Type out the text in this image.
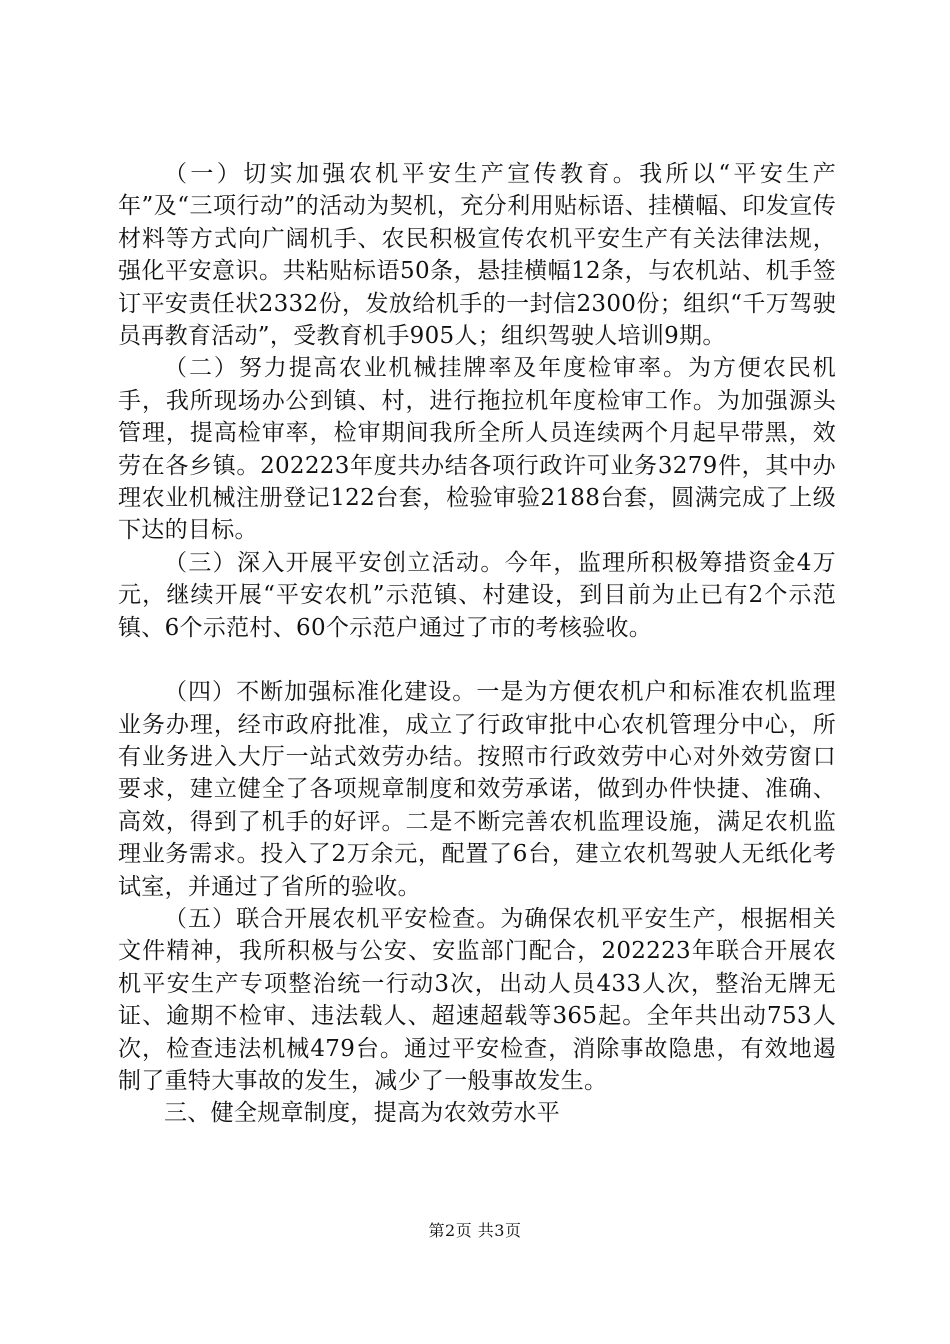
（一）切实加强农机平安生产宣传教育。我所以“平安生产年”及“三项行动”的活动为契机，充分利用贴标语、挂横幅、印发宣传材料等方式向广阔机手、农民积极宣传农机平安生产有关法律法规，强化平安意识。共粘贴标语50条，悬挂横幅12条，与农机站、机手签订平安责任状2332份，发放给机手的一封信2300份；组织“千万驾驶员再教育活动”，受教育机手905人；组织驾驶人培训9期。

（二）努力提高农业机械挂牌率及年度检审率。为方便农民机手，我所现场办公到镇、村，进行拖拉机年度检审工作。为加强源头管理，提高检审率，检审期间我所全所人员连续两个月起早带黑，效劳在各乡镇。202223年度共办结各项行政许可业务3279件，其中办理农业机械注册登记122台套，检验审验2188台套，圆满完成了上级下达的目标。

（三）深入开展平安创立活动。今年，监理所积极筹措资金4万元，继续开展“平安农机”示范镇、村建设，到目前为止已有2个示范镇、6个示范村、60个示范户通过了市的考核验收。

（四）不断加强标准化建设。一是为方便农机户和标准农机监理业务办理，经市政府批准，成立了行政审批中心农机管理分中心，所有业务进入大厅一站式效劳办结。按照市行政效劳中心对外效劳窗口要求，建立健全了各项规章制度和效劳承诺，做到办件快捷、准确、高效，得到了机手的好评。二是不断完善农机监理设施，满足农机监理业务需求。投入了2万余元，配置了6台，建立农机驾驶人无纸化考试室，并通过了省所的验收。

（五）联合开展农机平安检查。为确保农机平安生产，根据相关文件精神，我所积极与公安、安监部门配合，202223年联合开展农机平安生产专项整治统一行动3次，出动人员433人次，整治无牌无证、逾期不检审、违法载人、超速超载等365起。全年共出动753人次，检查违法机械479台。通过平安检查，消除事故隐患，有效地遏制了重特大事故的发生，减少了一般事故发生。

三、健全规章制度，提高为农效劳水平

第2页 共3页
